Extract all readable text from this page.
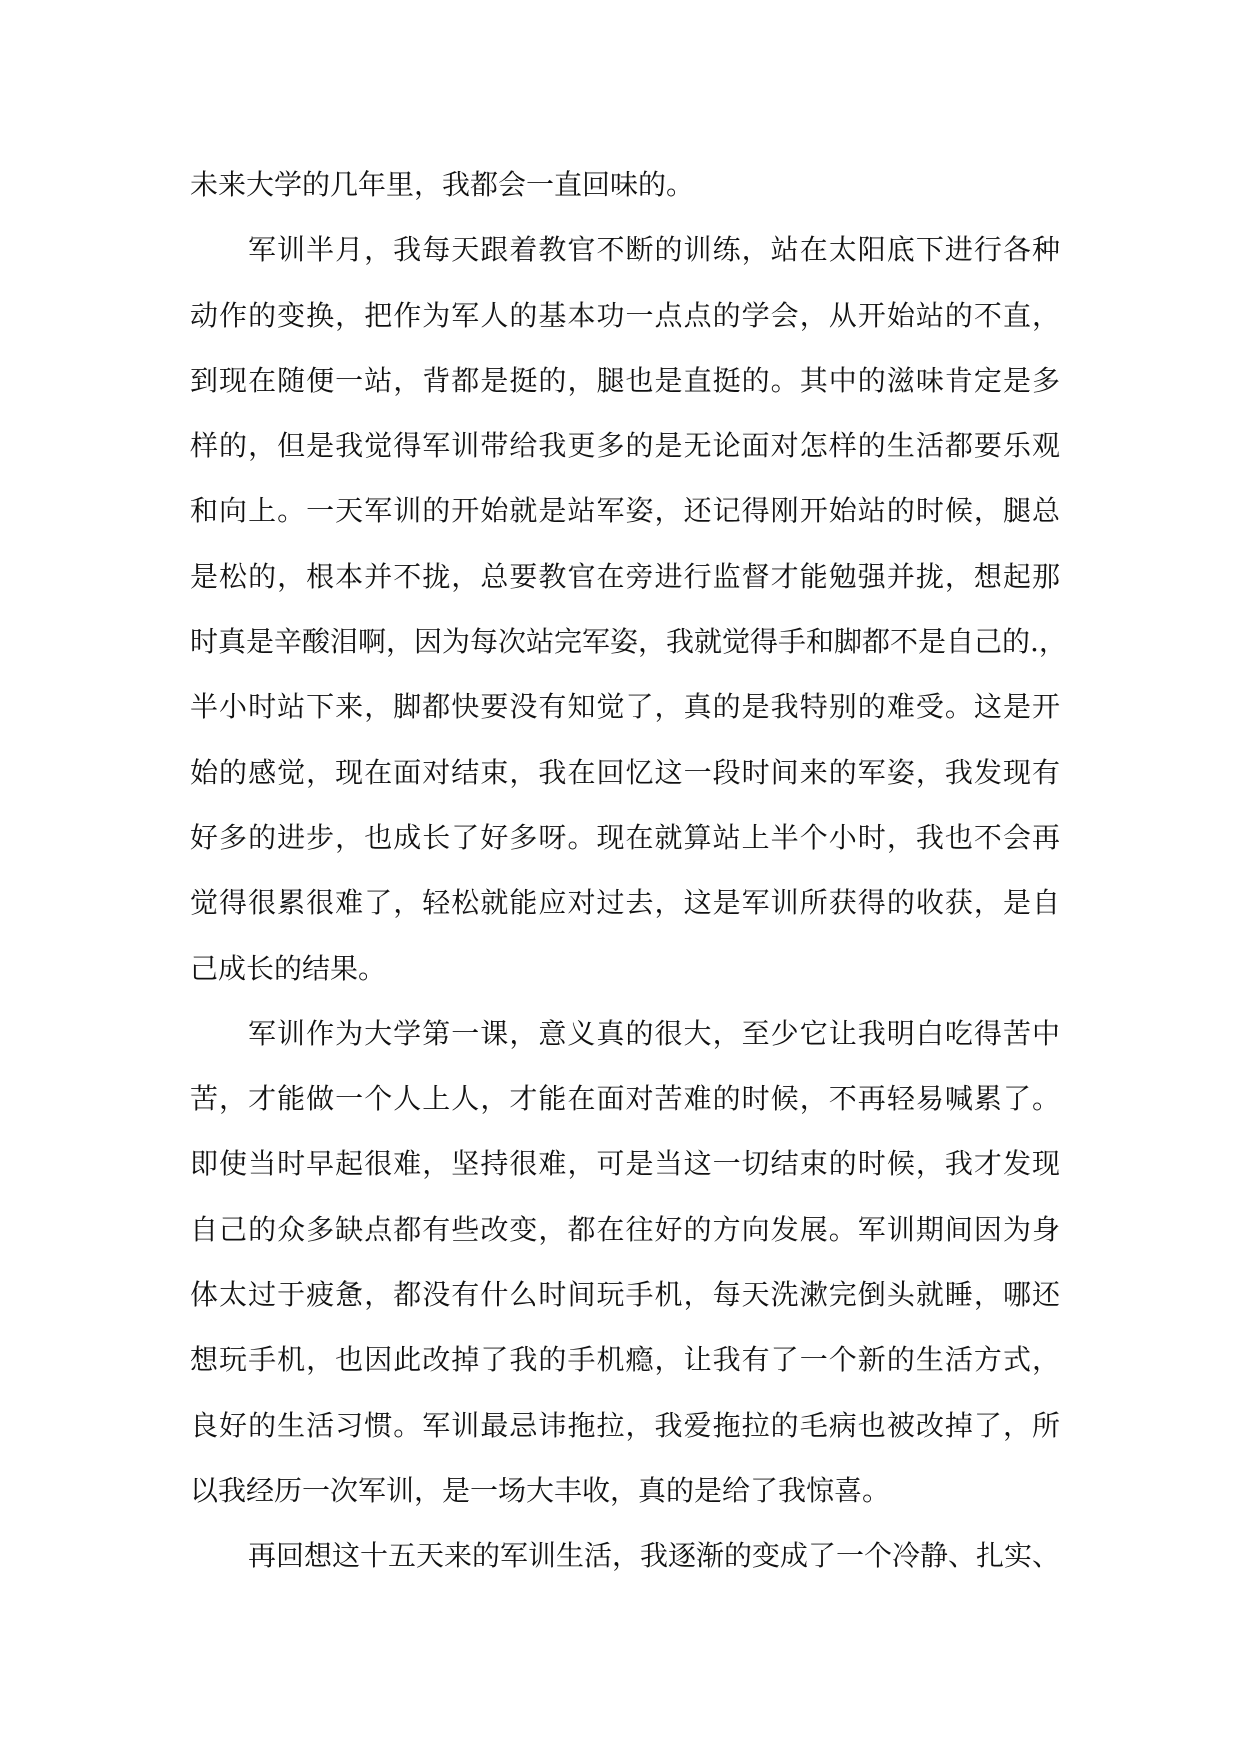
未来大学的几年里，我都会一直回味的。
军训半月，我每天跟着教官不断的训练，站在太阳底下进行各种
动作的变换，把作为军人的基本功一点点的学会，从开始站的不直，
到现在随便一站，背都是挺的，腿也是直挺的。其中的滋味肯定是多
样的，但是我觉得军训带给我更多的是无论面对怎样的生活都要乐观
和向上。一天军训的开始就是站军姿，还记得刚开始站的时候，腿总
是松的，根本并不拢，总要教官在旁进行监督才能勉强并拢，想起那
时真是辛酸泪啊，因为每次站完军姿，我就觉得手和脚都不是自己的.，
半小时站下来，脚都快要没有知觉了，真的是我特别的难受。这是开
始的感觉，现在面对结束，我在回忆这一段时间来的军姿，我发现有
好多的进步，也成长了好多呀。现在就算站上半个小时，我也不会再
觉得很累很难了，轻松就能应对过去，这是军训所获得的收获，是自
己成长的结果。
军训作为大学第一课，意义真的很大，至少它让我明白吃得苦中
苦，才能做一个人上人，才能在面对苦难的时候，不再轻易喊累了。
即使当时早起很难，坚持很难，可是当这一切结束的时候，我才发现
自己的众多缺点都有些改变，都在往好的方向发展。军训期间因为身
体太过于疲惫，都没有什么时间玩手机，每天洗漱完倒头就睡，哪还
想玩手机，也因此改掉了我的手机瘾，让我有了一个新的生活方式，
良好的生活习惯。军训最忌讳拖拉，我爱拖拉的毛病也被改掉了，所
以我经历一次军训，是一场大丰收，真的是给了我惊喜。
再回想这十五天来的军训生活，我逐渐的变成了一个冷静、扎实、
